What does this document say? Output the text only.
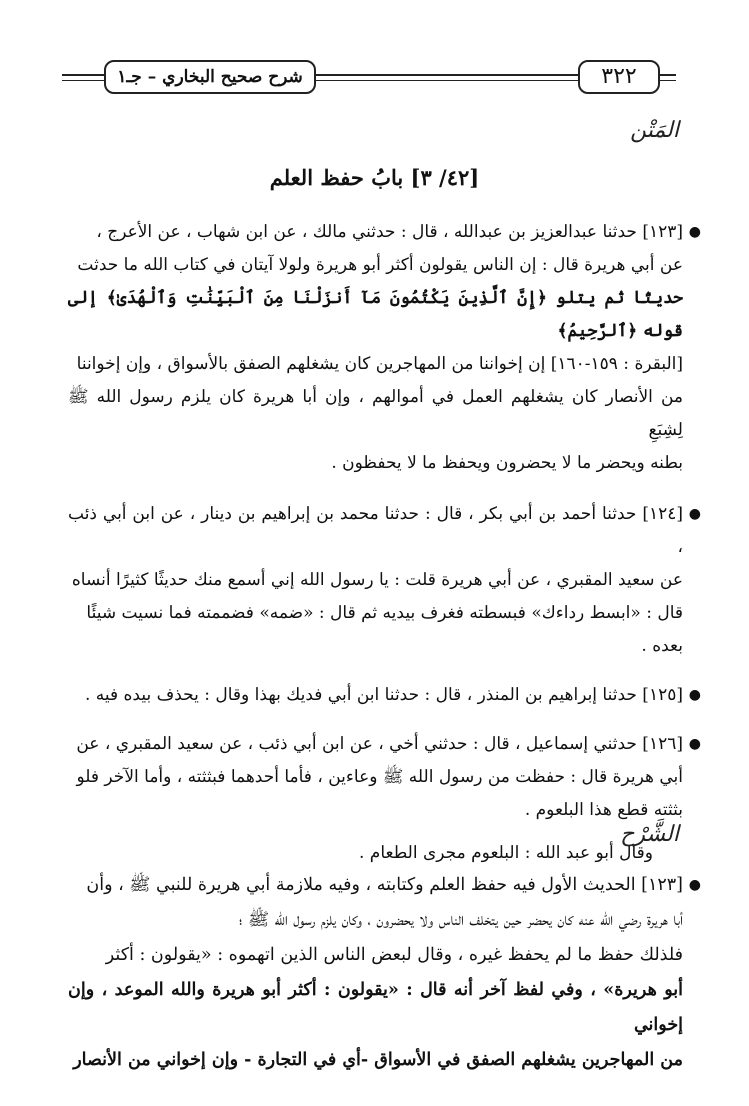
٣٢٢
شرح صحيح البخاري – جـ١
المَتْن
[٤٢/ ٣] بابُ حفظ العلم
●
[١٢٣] حدثنا عبدالعزيز بن عبدالله ، قال : حدثني مالك ، عن ابن شهاب ، عن الأعرج ،
عن أبي هريرة قال : إن الناس يقولون أكثر أبو هريرة ولولا آيتان في كتاب الله ما حدثت
حديثًا ثم يتلو ﴿إِنَّ ٱلَّذِينَ يَكْتُمُونَ مَآ أَنزَلْنَا مِنَ ٱلْبَيِّنَٰتِ وَٱلْهُدَىٰ﴾ إلى قوله ﴿ٱلرَّحِيمُ﴾
[البقرة : ١٥٩-١٦٠] إن إخواننا من المهاجرين كان يشغلهم الصفق بالأسواق ، وإن إخواننا
من الأنصار كان يشغلهم العمل في أموالهم ، وإن أبا هريرة كان يلزم رسول الله ﷺ لِشِبَعِ
بطنه ويحضر ما لا يحضرون ويحفظ ما لا يحفظون .
●
[١٢٤] حدثنا أحمد بن أبي بكر ، قال : حدثنا محمد بن إبراهيم بن دينار ، عن ابن أبي ذئب ،
عن سعيد المقبري ، عن أبي هريرة قلت : يا رسول الله إني أسمع منك حديثًا كثيرًا أنساه
قال : «ابسط رداءك» فبسطته فغرف بيديه ثم قال : «ضمه» فضممته فما نسيت شيئًا
بعده .
●
[١٢٥] حدثنا إبراهيم بن المنذر ، قال : حدثنا ابن أبي فديك بهذا وقال : يحذف بيده فيه .
●
[١٢٦] حدثني إسماعيل ، قال : حدثني أخي ، عن ابن أبي ذئب ، عن سعيد المقبري ، عن
أبي هريرة قال : حفظت من رسول الله ﷺ وعاءين ، فأما أحدهما فبثثته ، وأما الآخر فلو
بثثته قطع هذا البلعوم .

وقال أبو عبد الله : البلعوم مجرى الطعام .

الشَّرْح
●
[١٢٣] الحديث الأول فيه حفظ العلم وكتابته ، وفيه ملازمة أبي هريرة للنبي ﷺ ، وأن
أبا هريرة رضي الله عنه كان يحضر حين يتخلف الناس ولا يحضرون ، وكان يلزم رسول الله ﷺ ؛
فلذلك حفظ ما لم يحفظ غيره ، وقال لبعض الناس الذين اتهموه : «يقولون : أكثر
أبو هريرة» ، وفي لفظ آخر أنه قال : «يقولون : أكثر أبو هريرة والله الموعد ، وإن إخواني
من المهاجرين يشغلهم الصفق في الأسواق -أي في التجارة - وإن إخواني من الأنصار
